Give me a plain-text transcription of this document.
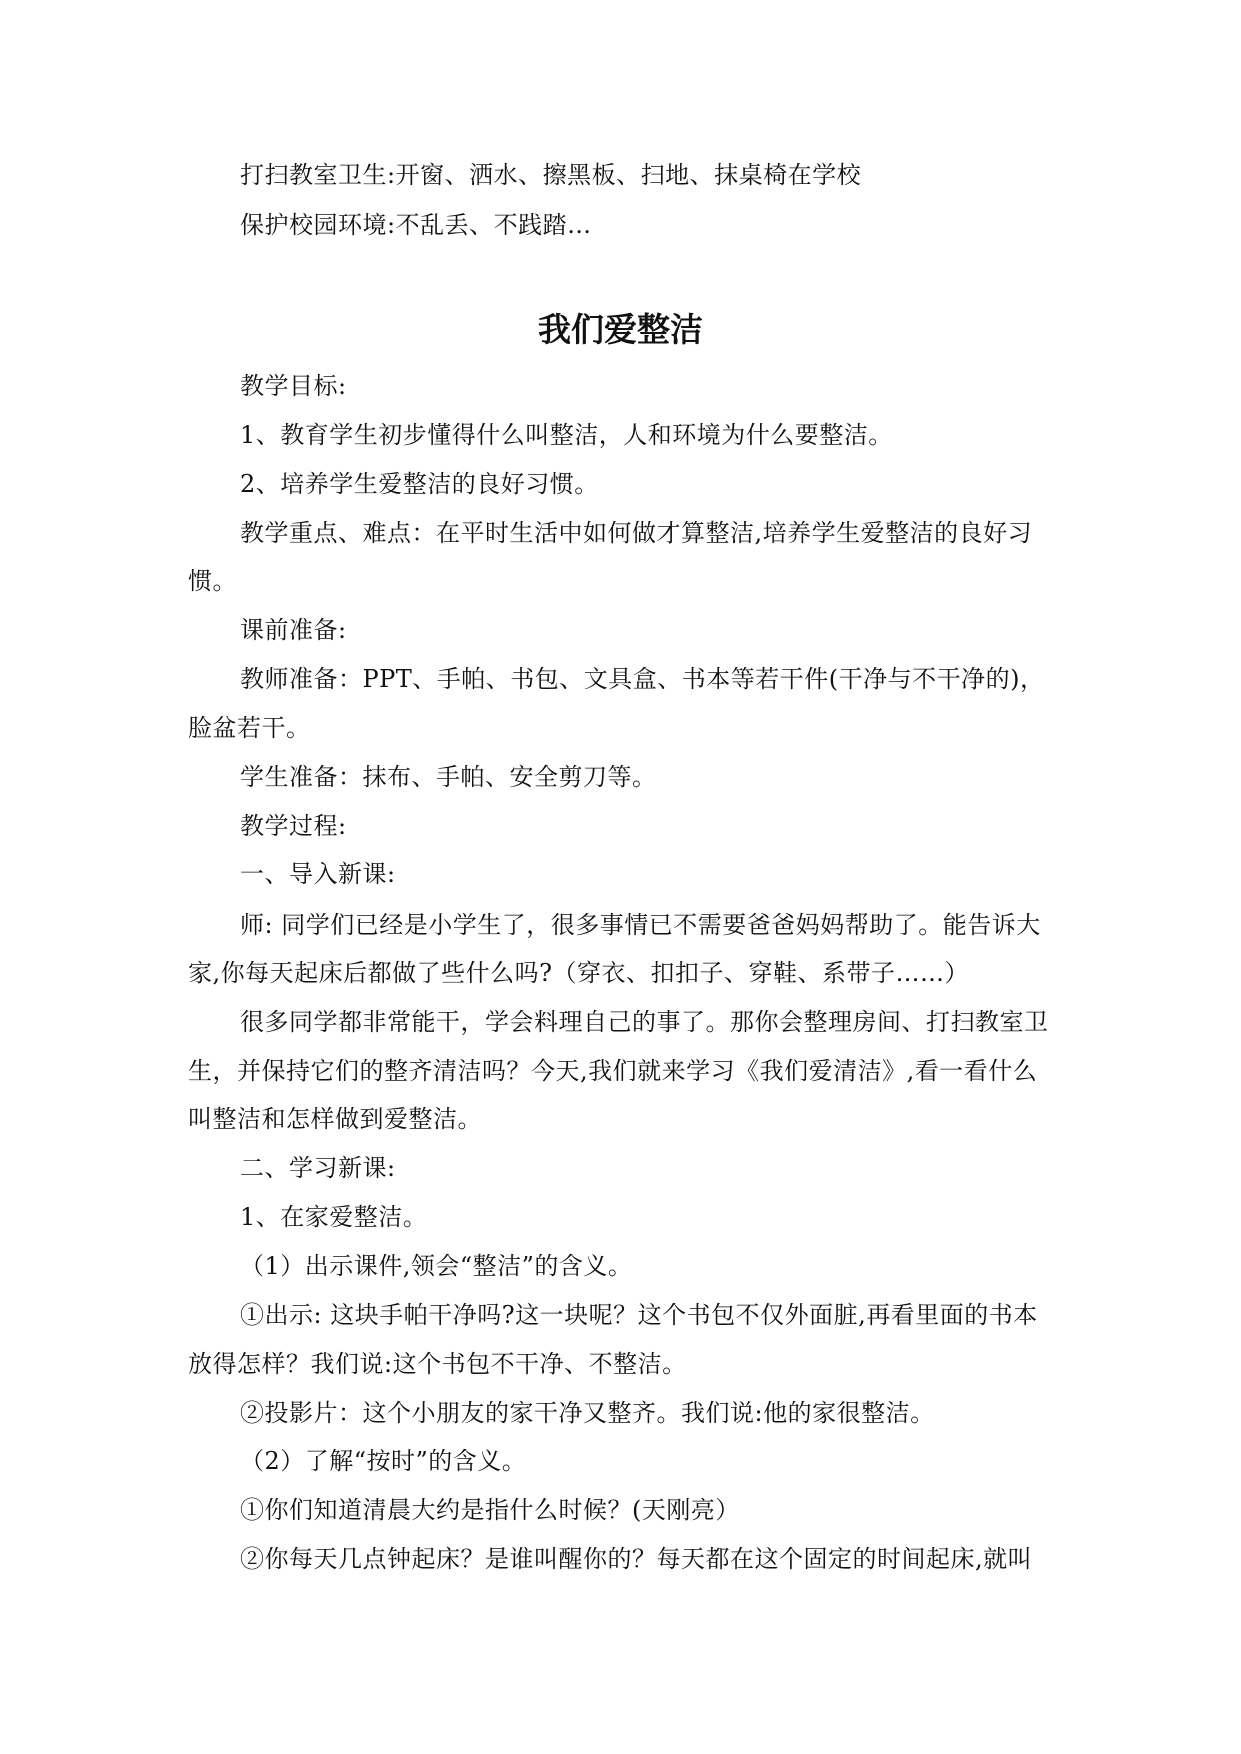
打扫教室卫生:开窗、洒水、擦黑板、扫地、抹桌椅在学校
保护校园环境:不乱丢、不践踏…
我们爱整洁
教学目标:
1、教育学生初步懂得什么叫整洁，人和环境为什么要整洁。
2、培养学生爱整洁的良好习惯。
教学重点、难点：在平时生活中如何做才算整洁,培养学生爱整洁的良好习
惯。
课前准备:
教师准备：PPT、手帕、书包、文具盒、书本等若干件(干净与不干净的)，
脸盆若干。
学生准备：抹布、手帕、安全剪刀等。
教学过程:
一、导入新课:
师: 同学们已经是小学生了，很多事情已不需要爸爸妈妈帮助了。能告诉大
家,你每天起床后都做了些什么吗?（穿衣、扣扣子、穿鞋、系带子……）
很多同学都非常能干，学会料理自己的事了。那你会整理房间、打扫教室卫
生，并保持它们的整齐清洁吗？今天,我们就来学习《我们爱清洁》,看一看什么
叫整洁和怎样做到爱整洁。
二、学习新课:
1、在家爱整洁。
（1）出示课件,领会“整洁”的含义。
①出示: 这块手帕干净吗?这一块呢？这个书包不仅外面脏,再看里面的书本
放得怎样？我们说:这个书包不干净、不整洁。
②投影片：这个小朋友的家干净又整齐。我们说:他的家很整洁。
（2）了解“按时”的含义。
①你们知道清晨大约是指什么时候？(天刚亮）
②你每天几点钟起床？是谁叫醒你的？每天都在这个固定的时间起床,就叫
